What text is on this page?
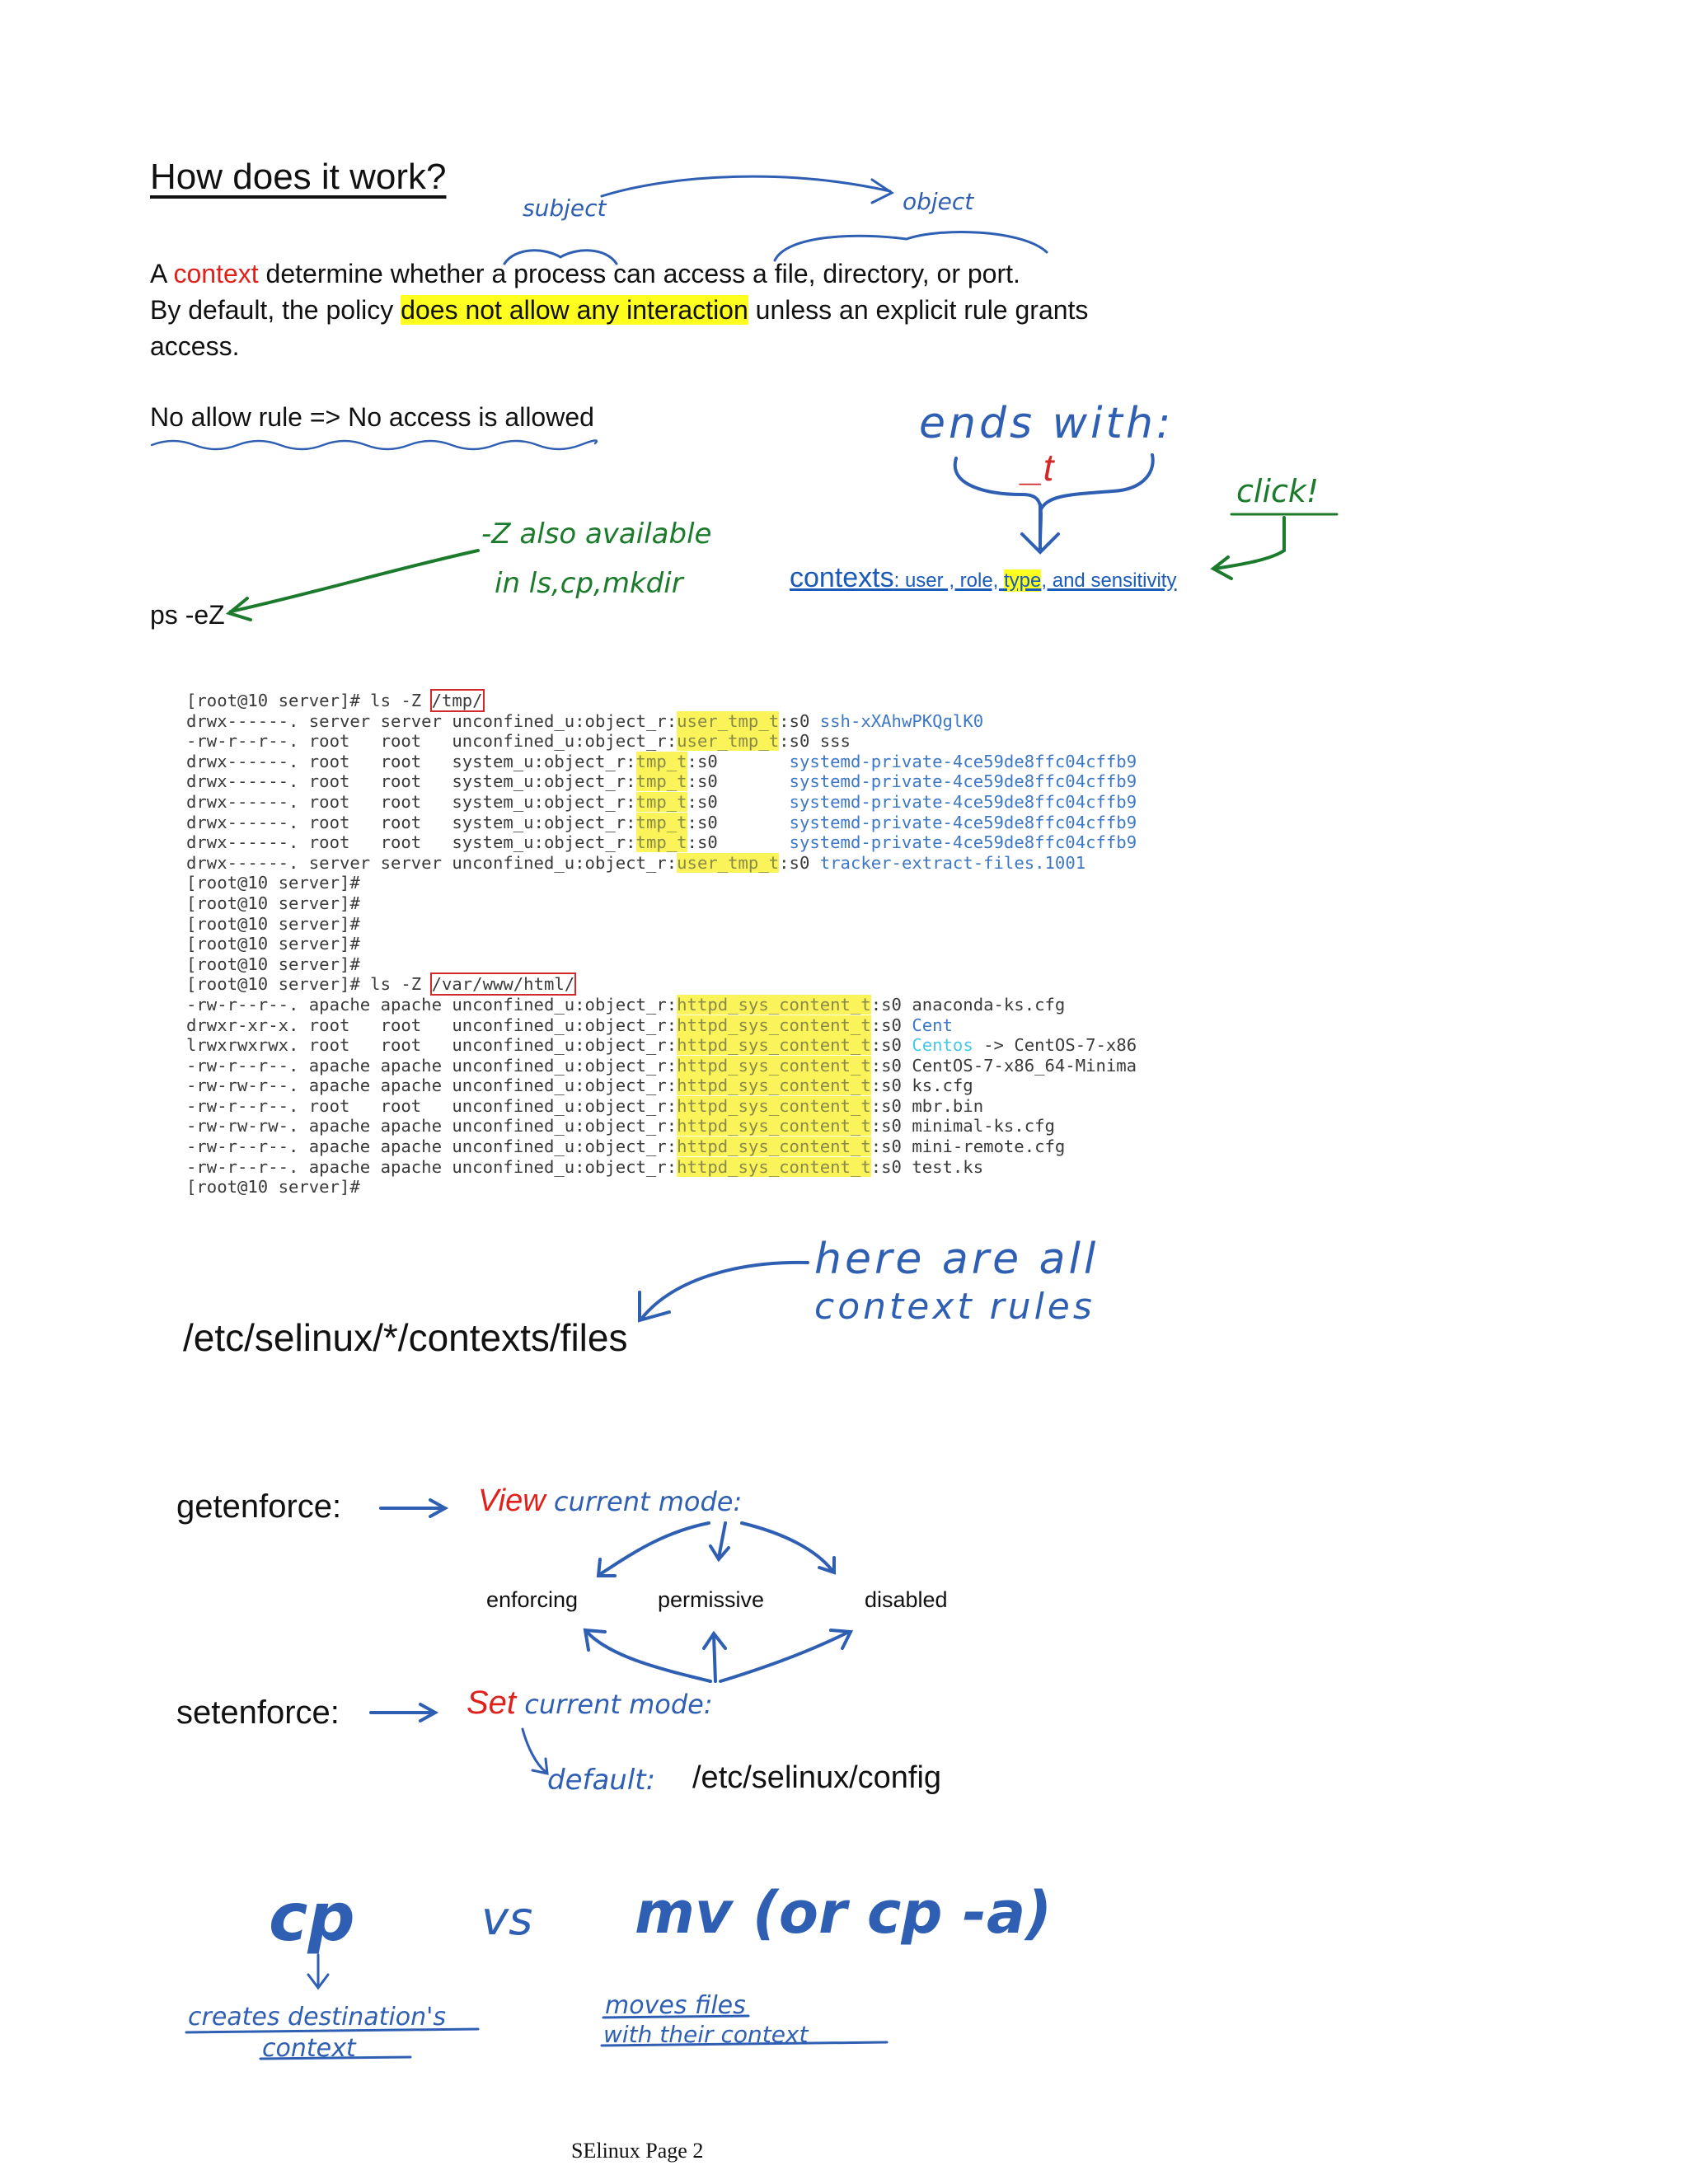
How does it work?
A context determine whether a process can access a file, directory, or port.
By default, the policy does not allow any interaction unless an explicit rule grants
access.
No allow rule => No access is allowed
ps -eZ
contexts: user , role, type, and sensitivity
subject	object
ends with:
_t
click!
-Z also available
in ls,cp,mkdir
[root@10 server]# ls -Z /tmp/
drwx------. server server unconfined_u:object_r:user_tmp_t:s0 ssh-xXAhwPKQglK0
-rw-r--r--. root   root   unconfined_u:object_r:user_tmp_t:s0 sss
drwx------. root   root   system_u:object_r:tmp_t:s0       systemd-private-4ce59de8ffc04cffb9
drwx------. root   root   system_u:object_r:tmp_t:s0       systemd-private-4ce59de8ffc04cffb9
drwx------. root   root   system_u:object_r:tmp_t:s0       systemd-private-4ce59de8ffc04cffb9
drwx------. root   root   system_u:object_r:tmp_t:s0       systemd-private-4ce59de8ffc04cffb9
drwx------. root   root   system_u:object_r:tmp_t:s0       systemd-private-4ce59de8ffc04cffb9
drwx------. server server unconfined_u:object_r:user_tmp_t:s0 tracker-extract-files.1001
[root@10 server]#
[root@10 server]#
[root@10 server]#
[root@10 server]#
[root@10 server]#
[root@10 server]# ls -Z /var/www/html/
-rw-r--r--. apache apache unconfined_u:object_r:httpd_sys_content_t:s0 anaconda-ks.cfg
drwxr-xr-x. root   root   unconfined_u:object_r:httpd_sys_content_t:s0 Cent
lrwxrwxrwx. root   root   unconfined_u:object_r:httpd_sys_content_t:s0 Centos -> CentOS-7-x86
-rw-r--r--. apache apache unconfined_u:object_r:httpd_sys_content_t:s0 CentOS-7-x86_64-Minima
-rw-rw-r--. apache apache unconfined_u:object_r:httpd_sys_content_t:s0 ks.cfg
-rw-r--r--. root   root   unconfined_u:object_r:httpd_sys_content_t:s0 mbr.bin
-rw-rw-rw-. apache apache unconfined_u:object_r:httpd_sys_content_t:s0 minimal-ks.cfg
-rw-r--r--. apache apache unconfined_u:object_r:httpd_sys_content_t:s0 mini-remote.cfg
-rw-r--r--. apache apache unconfined_u:object_r:httpd_sys_content_t:s0 test.ks
[root@10 server]#
/etc/selinux/*/contexts/files
here are all
context rules
getenforce:	View current mode:
enforcing	permissive	disabled
setenforce:	Set current mode:
default: /etc/selinux/config
cp	vs mv (or cp -a)
creates destination's
context
moves files
with their context
SElinux Page 2
